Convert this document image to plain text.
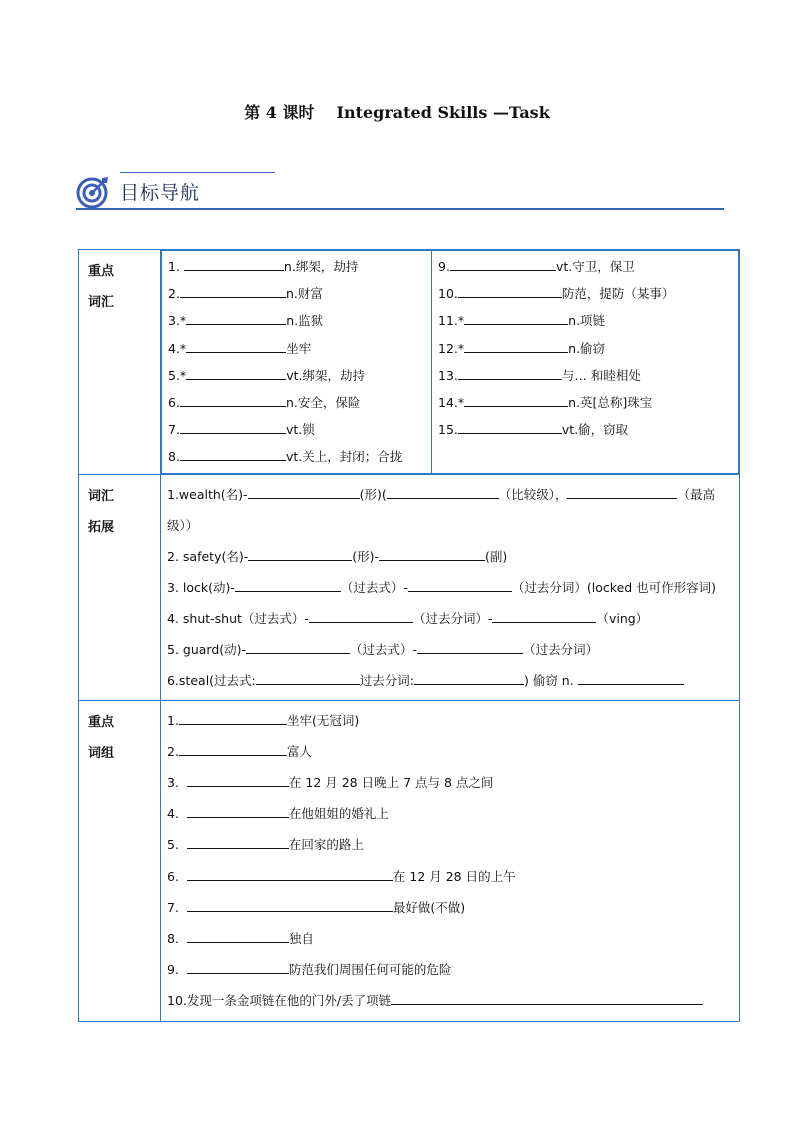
第 4 课时 Integrated Skills —Task
目标导航
重点
词汇

1.	n.绑架，劫持
2.	n.财富
3.*	n.监狱
4.*	坐牢
5.*	vt.绑架，劫持
6.	n.安全，保险
7.	vt.锁
8.	vt.关上，封闭；合拢

9.	vt.守卫，保卫
10.	防范，提防（某事）
11.*	n.项链
12.*	n.偷窃
13.	与… 和睦相处
14.*	n.英[总称]珠宝
15.	vt.偷，窃取

词汇
拓展

1.wealth(名)-	(形)(	（比较级），	（最高
级））
2. safety(名)-	(形)-	(副)
3. lock(动)-	（过去式）-	（过去分词）(locked 也可作形容词)
4. shut-shut（过去式）-	（过去分词）-	（ving）
5. guard(动)-	（过去式）-	（过去分词）
6.steal(过去式:	过去分词:	) 偷窃 n.

重点
词组

1.	坐牢(无冠词)
2.	富人
3.	在 12 月 28 日晚上 7 点与 8 点之间
4.	在他姐姐的婚礼上
5.	在回家的路上
6.	在 12 月 28 日的上午
7.	最好做(不做)
8.	独自
9.	防范我们周围任何可能的危险
10.发现一条金项链在他的门外/丢了项链
